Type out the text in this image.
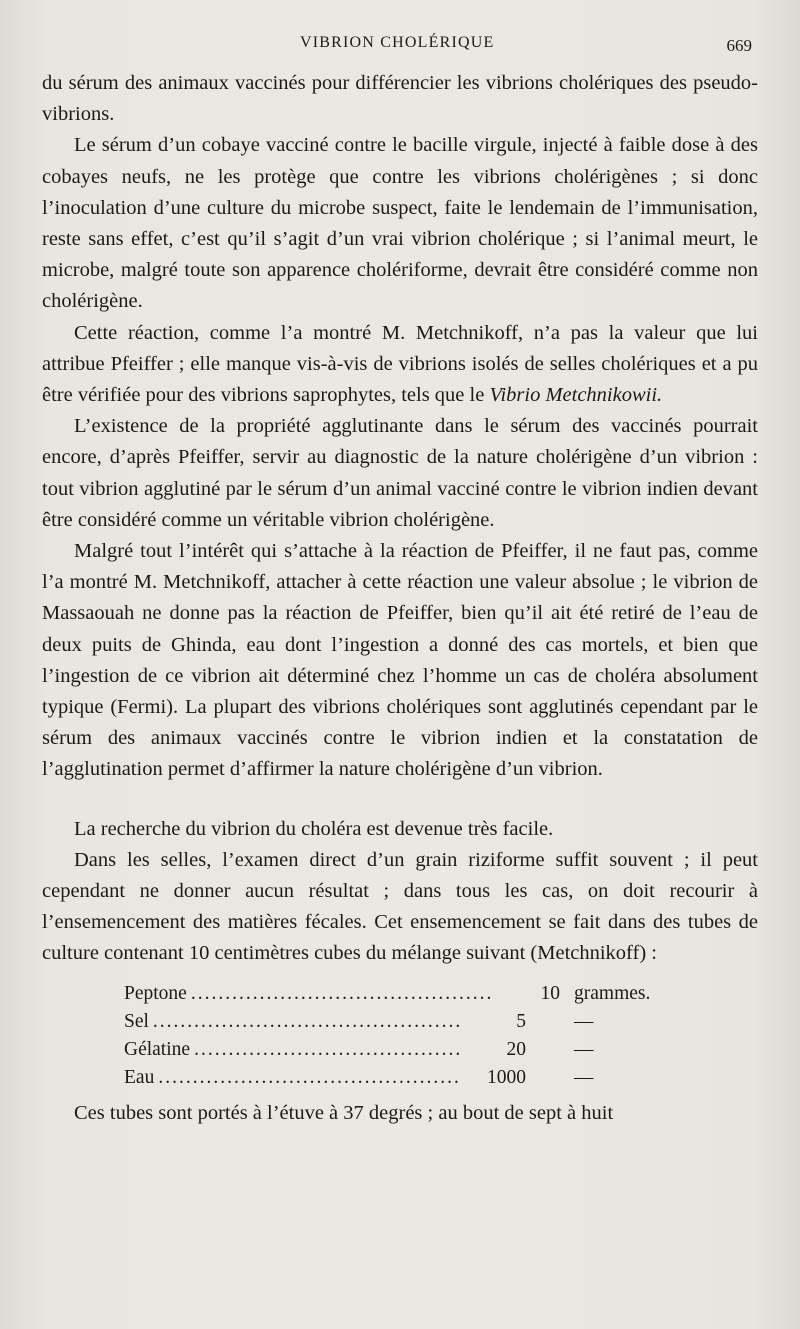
VIBRION CHOLÉRIQUE	669

du sérum des animaux vaccinés pour différencier les vibrions cholériques des pseudo-vibrions.

Le sérum d’un cobaye vacciné contre le bacille virgule, injecté à faible dose à des cobayes neufs, ne les protège que contre les vibrions cholérigènes ; si donc l’inoculation d’une culture du microbe suspect, faite le lendemain de l’immunisation, reste sans effet, c’est qu’il s’agit d’un vrai vibrion cholérique ; si l’animal meurt, le microbe, malgré toute son apparence cholériforme, devrait être considéré comme non cholérigène.

Cette réaction, comme l’a montré M. Metchnikoff, n’a pas la valeur que lui attribue Pfeiffer ; elle manque vis-à-vis de vibrions isolés de selles cholériques et a pu être vérifiée pour des vibrions saprophytes, tels que le Vibrio Metchnikowii.

L’existence de la propriété agglutinante dans le sérum des vaccinés pourrait encore, d’après Pfeiffer, servir au diagnostic de la nature cholérigène d’un vibrion : tout vibrion agglutiné par le sérum d’un animal vacciné contre le vibrion indien devant être considéré comme un véritable vibrion cholérigène.

Malgré tout l’intérêt qui s’attache à la réaction de Pfeiffer, il ne faut pas, comme l’a montré M. Metchnikoff, attacher à cette réaction une valeur absolue ; le vibrion de Massaouah ne donne pas la réaction de Pfeiffer, bien qu’il ait été retiré de l’eau de deux puits de Ghinda, eau dont l’ingestion a donné des cas mortels, et bien que l’ingestion de ce vibrion ait déterminé chez l’homme un cas de choléra absolument typique (Fermi). La plupart des vibrions cholériques sont agglutinés cependant par le sérum des animaux vaccinés contre le vibrion indien et la constatation de l’agglutination permet d’affirmer la nature cholérigène d’un vibrion.

La recherche du vibrion du choléra est devenue très facile.

Dans les selles, l’examen direct d’un grain riziforme suffit souvent ; il peut cependant ne donner aucun résultat ; dans tous les cas, on doit recourir à l’ensemencement des matières fécales. Cet ensemencement se fait dans des tubes de culture contenant 10 centimètres cubes du mélange suivant (Metchnikoff) :

Peptone .....	10 grammes.
Sel .....	5	—
Gélatine .....	20	—
Eau .....	1000	—

Ces tubes sont portés à l’étuve à 37 degrés ; au bout de sept à huit
